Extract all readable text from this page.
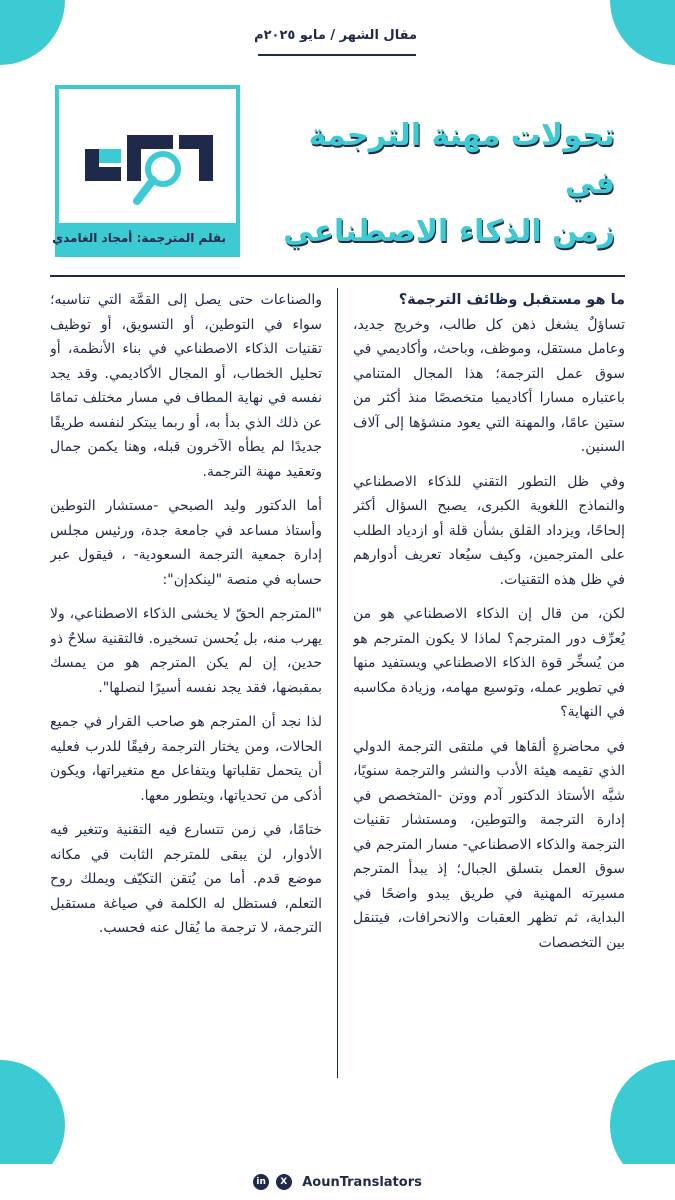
مقال الشهر / مايو ٢٠٢٥م
بقلم المترجمة: أمجاد الغامدي
تحولات مهنة الترجمة في
زمن الذكاء الاصطناعي
ما هو مستقبل وظائف الترجمة؟

تساؤلٌ يشغل ذهن كل طالب، وخريج جديد، وعامل مستقل، وموظف، وباحث، وأكاديمي في سوق عمل الترجمة؛ هذا المجال المتنامي باعتباره مسارا أكاديميا متخصصًا منذ أكثر من ستين عامًا، والمهنة التي يعود منشؤها إلى آلاف السنين.

وفي ظل التطور التقني للذكاء الاصطناعي والنماذج اللغوية الكبرى، يصبح السؤال أكثر إلحاحًا، ويزداد القلق بشأن قلة أو ازدياد الطلب على المترجمين، وكيف سيُعاد تعريف أدوارهم في ظل هذه التقنيات.

لكن، من قال إن الذكاء الاصطناعي هو من يُعرِّف دور المترجم؟ لماذا لا يكون المترجم هو من يُسخِّر قوة الذكاء الاصطناعي ويستفيد منها في تطوير عمله، وتوسيع مهامه، وزيادة مكاسبه في النهاية؟

في محاضرةٍ ألقاها في ملتقى الترجمة الدولي الذي تقيمه هيئة الأدب والنشر والترجمة سنويًا، شبَّه الأستاذ الدكتور آدم ووتن -المتخصص في إدارة الترجمة والتوطين، ومستشار تقنيات الترجمة والذكاء الاصطناعي- مسار المترجم في سوق العمل بتسلق الجبال؛ إذ يبدأ المترجم مسيرته المهنية في طريق يبدو واضحًا في البداية، ثم تظهر العقبات والانحرافات، فيتنقل بين التخصصات

والصناعات حتى يصل إلى القمَّة التي تناسبه؛ سواء في التوطين، أو التسويق، أو توظيف تقنيات الذكاء الاصطناعي في بناء الأنظمة، أو تحليل الخطاب، أو المجال الأكاديمي. وقد يجد نفسه في نهاية المطاف في مسار مختلف تمامًا عن ذلك الذي بدأ به، أو ربما يبتكر لنفسه طريقًا جديدًا لم يطأه الآخرون قبله، وهنا يكمن جمال وتعقيد مهنة الترجمة.

أما الدكتور وليد الصبحي -مستشار التوطين وأستاذ مساعد في جامعة جدة، ورئيس مجلس إدارة جمعية الترجمة السعودية- ، فيقول عبر حسابه في منصة "لينكدإن":

"المترجم الحقّ لا يخشى الذكاء الاصطناعي، ولا يهرب منه، بل يُحسن تسخيره. فالتقنية سلاحٌ ذو حدين، إن لم يكن المترجم هو من يمسك بمقبضها، فقد يجد نفسه أسيرًا لنصلها".

لذا نجد أن المترجم هو صاحب القرار في جميع الحالات، ومن يختار الترجمة رفيقًا للدرب فعليه أن يتحمل تقلباتها ويتفاعل مع متغيراتها، ويكون أذكى من تحدياتها، ويتطور معها.

ختامًا، في زمن تتسارع فيه التقنية وتتغير فيه الأدوار، لن يبقى للمترجم الثابت في مكانه موضع قدم. أما من يُتقن التكيّف ويملك روح التعلم، فستظل له الكلمة في صياغة مستقبل الترجمة، لا ترجمة ما يُقال عنه فحسب.

in X AounTranslators
